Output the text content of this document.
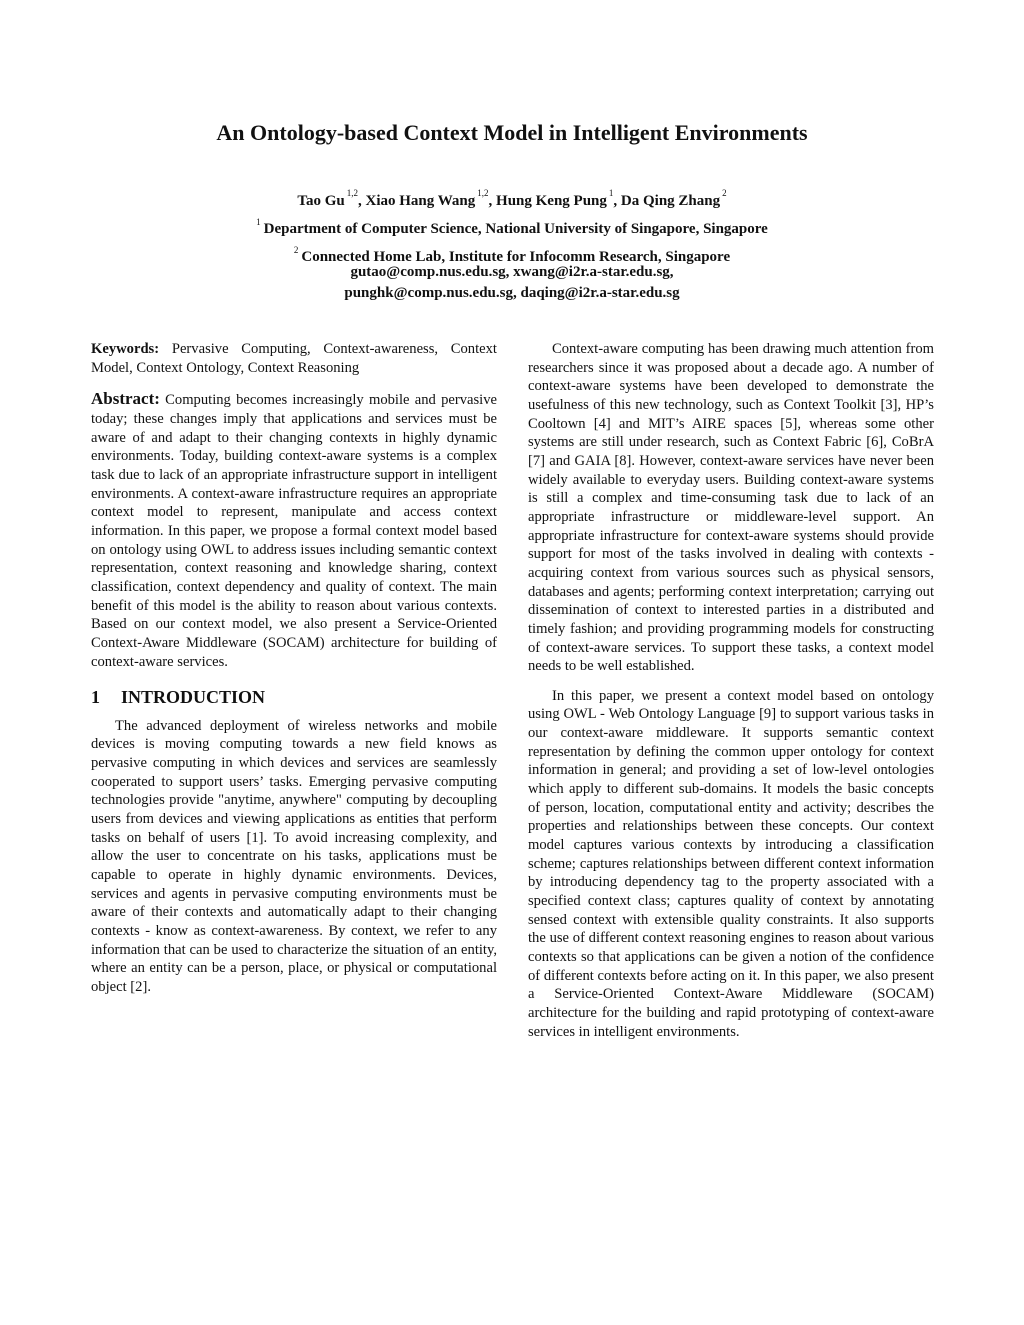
An Ontology-based Context Model in Intelligent Environments
Tao Gu $^{1,2}$, Xiao Hang Wang $^{1,2}$, Hung Keng Pung $^1$, Da Qing Zhang $^2$
$^1$ Department of Computer Science, National University of Singapore, Singapore
$^2$ Connected Home Lab, Institute for Infocomm Research, Singapore
gutao@comp.nus.edu.sg, xwang@i2r.a-star.edu.sg,
punghk@comp.nus.edu.sg, daqing@i2r.a-star.edu.sg

Keywords: Pervasive Computing, Context-awareness, Context Model, Context Ontology, Context Reasoning

Abstract: Computing becomes increasingly mobile and pervasive today; these changes imply that applications and services must be aware of and adapt to their changing contexts in highly dynamic environments. Today, building context-aware systems is a complex task due to lack of an appropriate infrastructure support in intelligent environments. A context-aware infrastructure requires an appropriate context model to represent, manipulate and access context information. In this paper, we propose a formal context model based on ontology using OWL to address issues including semantic context representation, context reasoning and knowledge sharing, context classification, context dependency and quality of context. The main benefit of this model is the ability to reason about various contexts. Based on our context model, we also present a Service-Oriented Context-Aware Middleware (SOCAM) architecture for building of context-aware services.

1 INTRODUCTION

The advanced deployment of wireless networks and mobile devices is moving computing towards a new field knows as pervasive computing in which devices and services are seamlessly cooperated to support users’ tasks. Emerging pervasive computing technologies provide "anytime, anywhere" computing by decoupling users from devices and viewing applications as entities that perform tasks on behalf of users [1]. To avoid increasing complexity, and allow the user to concentrate on his tasks, applications must be capable to operate in highly dynamic environments. Devices, services and agents in pervasive computing environments must be aware of their contexts and automatically adapt to their changing contexts - know as context-awareness. By context, we refer to any information that can be used to characterize the situation of an entity, where an entity can be a person, place, or physical or computational object [2].

Context-aware computing has been drawing much attention from researchers since it was proposed about a decade ago. A number of context-aware systems have been developed to demonstrate the usefulness of this new technology, such as Context Toolkit [3], HP’s Cooltown [4] and MIT’s AIRE spaces [5], whereas some other systems are still under research, such as Context Fabric [6], CoBrA [7] and GAIA [8]. However, context-aware services have never been widely available to everyday users. Building context-aware systems is still a complex and time-consuming task due to lack of an appropriate infrastructure or middleware-level support. An appropriate infrastructure for context-aware systems should provide support for most of the tasks involved in dealing with contexts - acquiring context from various sources such as physical sensors, databases and agents; performing context interpretation; carrying out dissemination of context to interested parties in a distributed and timely fashion; and providing programming models for constructing of context-aware services. To support these tasks, a context model needs to be well established.

In this paper, we present a context model based on ontology using OWL - Web Ontology Language [9] to support various tasks in our context-aware middleware. It supports semantic context representation by defining the common upper ontology for context information in general; and providing a set of low-level ontologies which apply to different sub-domains. It models the basic concepts of person, location, computational entity and activity; describes the properties and relationships between these concepts. Our context model captures various contexts by introducing a classification scheme; captures relationships between different context information by introducing dependency tag to the property associated with a specified context class; captures quality of context by annotating sensed context with extensible quality constraints. It also supports the use of different context reasoning engines to reason about various contexts so that applications can be given a notion of the confidence of different contexts before acting on it. In this paper, we also present a Service-Oriented Context-Aware Middleware (SOCAM) architecture for the building and rapid prototyping of context-aware services in intelligent environments.
